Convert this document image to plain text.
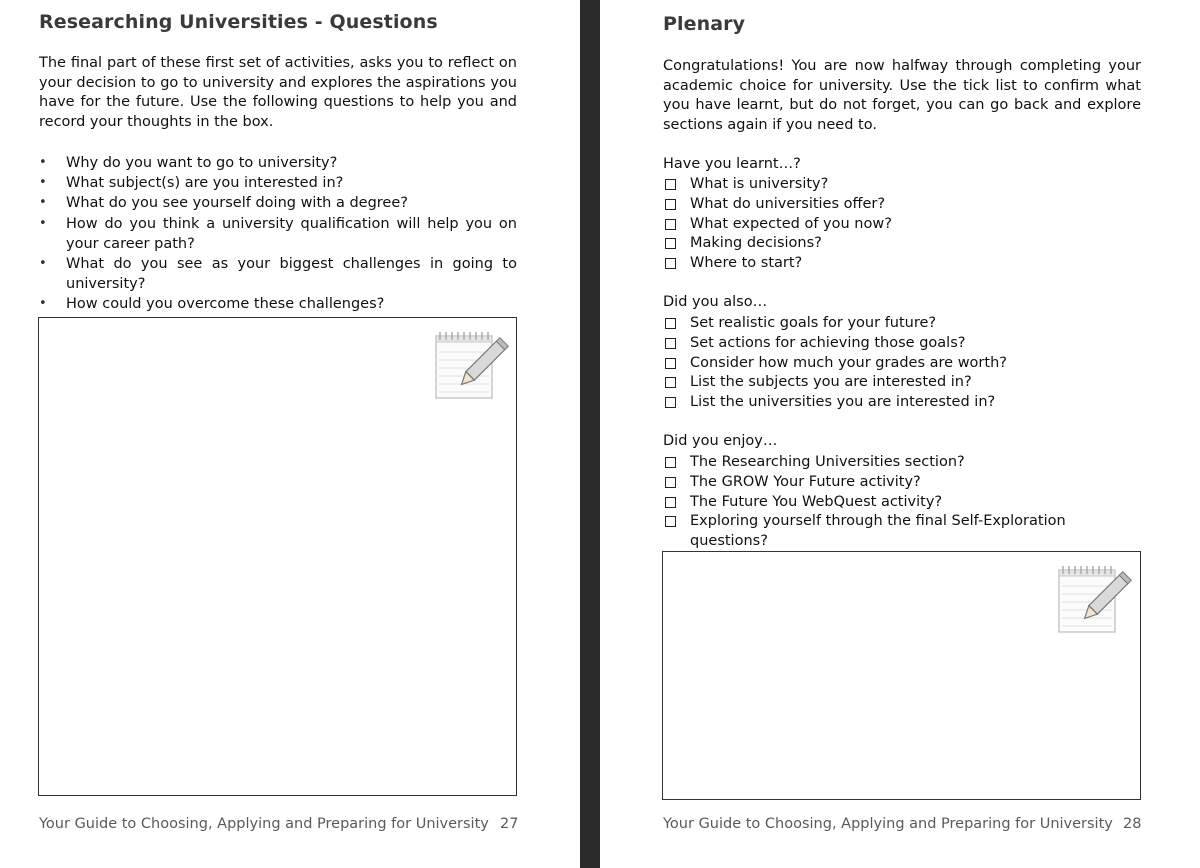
Researching Universities - Questions

The final part of these first set of activities, asks you to reflect on your decision to go to university and explores the aspirations you have for the future. Use the following questions to help you and record your thoughts in the box.

• Why do you want to go to university?
• What subject(s) are you interested in?
• What do you see yourself doing with a degree?
• How do you think a university qualification will help you on your career path?
• What do you see as your biggest challenges in going to university?
• How could you overcome these challenges?
Your Guide to Choosing, Applying and Preparing for University 27
Plenary

Congratulations! You are now halfway through completing your academic choice for university. Use the tick list to confirm what you have learnt, but do not forget, you can go back and explore sections again if you need to.

Have you learnt…?
What is university?
What do universities offer?
What expected of you now?
Making decisions?
Where to start?
Did you also…
Set realistic goals for your future?
Set actions for achieving those goals?
Consider how much your grades are worth?
List the subjects you are interested in?
List the universities you are interested in?
Did you enjoy…
The Researching Universities section?
The GROW Your Future activity?
The Future You WebQuest activity?
Exploring yourself through the final Self-Exploration questions?
Your Guide to Choosing, Applying and Preparing for University 28
